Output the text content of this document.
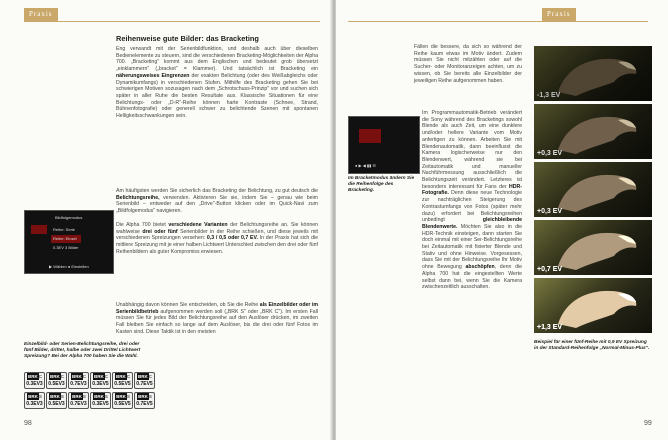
Praxis
Reihenweise gute Bilder: das Bracketing
Eng verwandt mit der Serienbildfunktion, und deshalb auch über dieselben Bedienelemente zu steuern, sind die verschiedenen Bracketing-Möglichkeiten der Alpha 700. „Bracketing" kommt aus dem Englischen und bedeutet grob übersetzt „einklammern" („bracket" = Klammer). Und tatsächlich ist Bracketing ein näherungsweises Eingrenzen der exakten Belichtung (oder des Weißabgleichs oder Dynamikumfangs) in verschiedenen Stufen. Mithilfe des Bracketing gehen Sie bei schwierigen Motiven sozusagen nach dem „Schrotschuss-Prinzip" vor und suchen sich später in aller Ruhe die besten Resultate aus. Klassische Situationen für eine Belichtungs- oder „D-R"-Reihe können harte Kontraste (Schnee, Strand, Bühnenfotografie) oder generell schwer zu belichtende Szenen mit spontanen Helligkeitsschwankungen sein.
Am häufigsten werden Sie sicherlich das Bracketing der Belichtung, zu gut deutsch die Belichtungsreihe, verwenden. Aktivieren Sie sie, indem Sie – genau wie beim Serienbild – entweder auf den „Drive"-Button klicken oder im Quick-Navi zum „Bildfolgemodus" navigieren.
Bildfolgemodus
Reihe: Serie
Reihe: Einzel
0.3EV 3 Bilder
▶ Wählen ● Einstellen
Die Alpha 700 bietet verschiedene Varianten der Belichtungsreihe an. Sie können wahlweise drei oder fünf Serienbilder in der Reihe schießen, und diese jeweils mit verschiedenen Spreizungen versehen: 0,3 / 0,5 oder 0,7 EV. In der Praxis hat sich die mittlere Spreizung mit je einer halben Lichtwert Unterschied zwischen den drei oder fünf Reihenbildern als guter Kompromiss erwiesen.
Unabhängig davon können Sie entscheiden, ob Sie die Reihe als Einzelbilder oder im Serienbildbetrieb aufgenommen werden soll („BRK S" oder „BRK C"). Im ersten Fall müssen Sie für jedes Bild der Belichtungsreihe auf den Auslöser drücken, im zweiten Fall bleiben Sie einfach so lange auf dem Auslöser, bis die drei oder fünf Fotos im Kasten sind. Diese Taktik ist in den meisten
Einzelbild- oder Serien-Belichtungsreihe, drei oder fünf Bilder, dritte!, halbe oder zwei Drittel Lichtwert Spreizung? Bei der Alpha 700 haben Sie die Wahl.
BRKC
0.3EV3
BRKC
0.5EV3
BRKC
0.7EV3
BRKC
0.3EV5
BRKC
0.5EV5
BRKC
0.7EV5
BRKS
0.3EV3
BRKS
0.5EV3
BRKS
0.7EV3
BRKS
0.3EV5
BRKS
0.5EV5
BRKS
0.7EV5
98
Praxis
Fällen die bessere, da sich so während der Reihe kaum etwas im Motiv ändert. Zudem müssen Sie nicht mitzählen oder auf die Sucher- oder Monitoranzeigen achten, um zu wissen, ob Sie bereits alle Einzelbilder der jeweiligen Reihe aufgenommen haben.
● ▶ ◀ ▮▮ ☰
Im Bracketmodus ändern Sie die Reihenfolge des Bracketing.
Im Programmautomatik-Betrieb verändert die Sony während des Bracketings sowohl Blende als auch Zeit, um eine dunklere und/oder hellere Variante vom Motiv anfertigen zu können. Arbeiten Sie mit Blendenautomatik, dann beeinflusst die Kamera logischerweise nur den Blendenwert, während sie bei Zeitautomatik und manueller Nachführmessung ausschließlich die Belichtungszeit verändert. Letzteres ist besonders interessant für Fans der HDR-Fotografie. Denn diese neue Technologie zur nachträglichen Steigerung des Kontrastumfangs von Fotos (später mehr dazu) erfordert bei Belichtungsreihen unbedingt gleichbleibende Blendenwerte. Möchten Sie also in die HDR-Technik einsteigen, dann starten Sie doch einmal mit einer Ser-Belichtungsreihe bei Zeitautomatik mit fixierter Blende und Stativ und ohne Hinweise. Vorgesessen, dass Sie mit der Belichtungsreihe Ihr Motiv ohne Bewegung abschöpfen, denn die Alpha 700 hat die eingestellten Werte selbst dann bei, wenn Sie die Kamera zwischenzeitlich ausschalten.
-1,3 EV
+0,3 EV
+0,3 EV
+0,7 EV
+1,3 EV
Beispiel für einer fünf-Reihe mit 0,9 EV Spreizung in der Standard-Reihenfolge „Normal-Minus-Plus".
99
